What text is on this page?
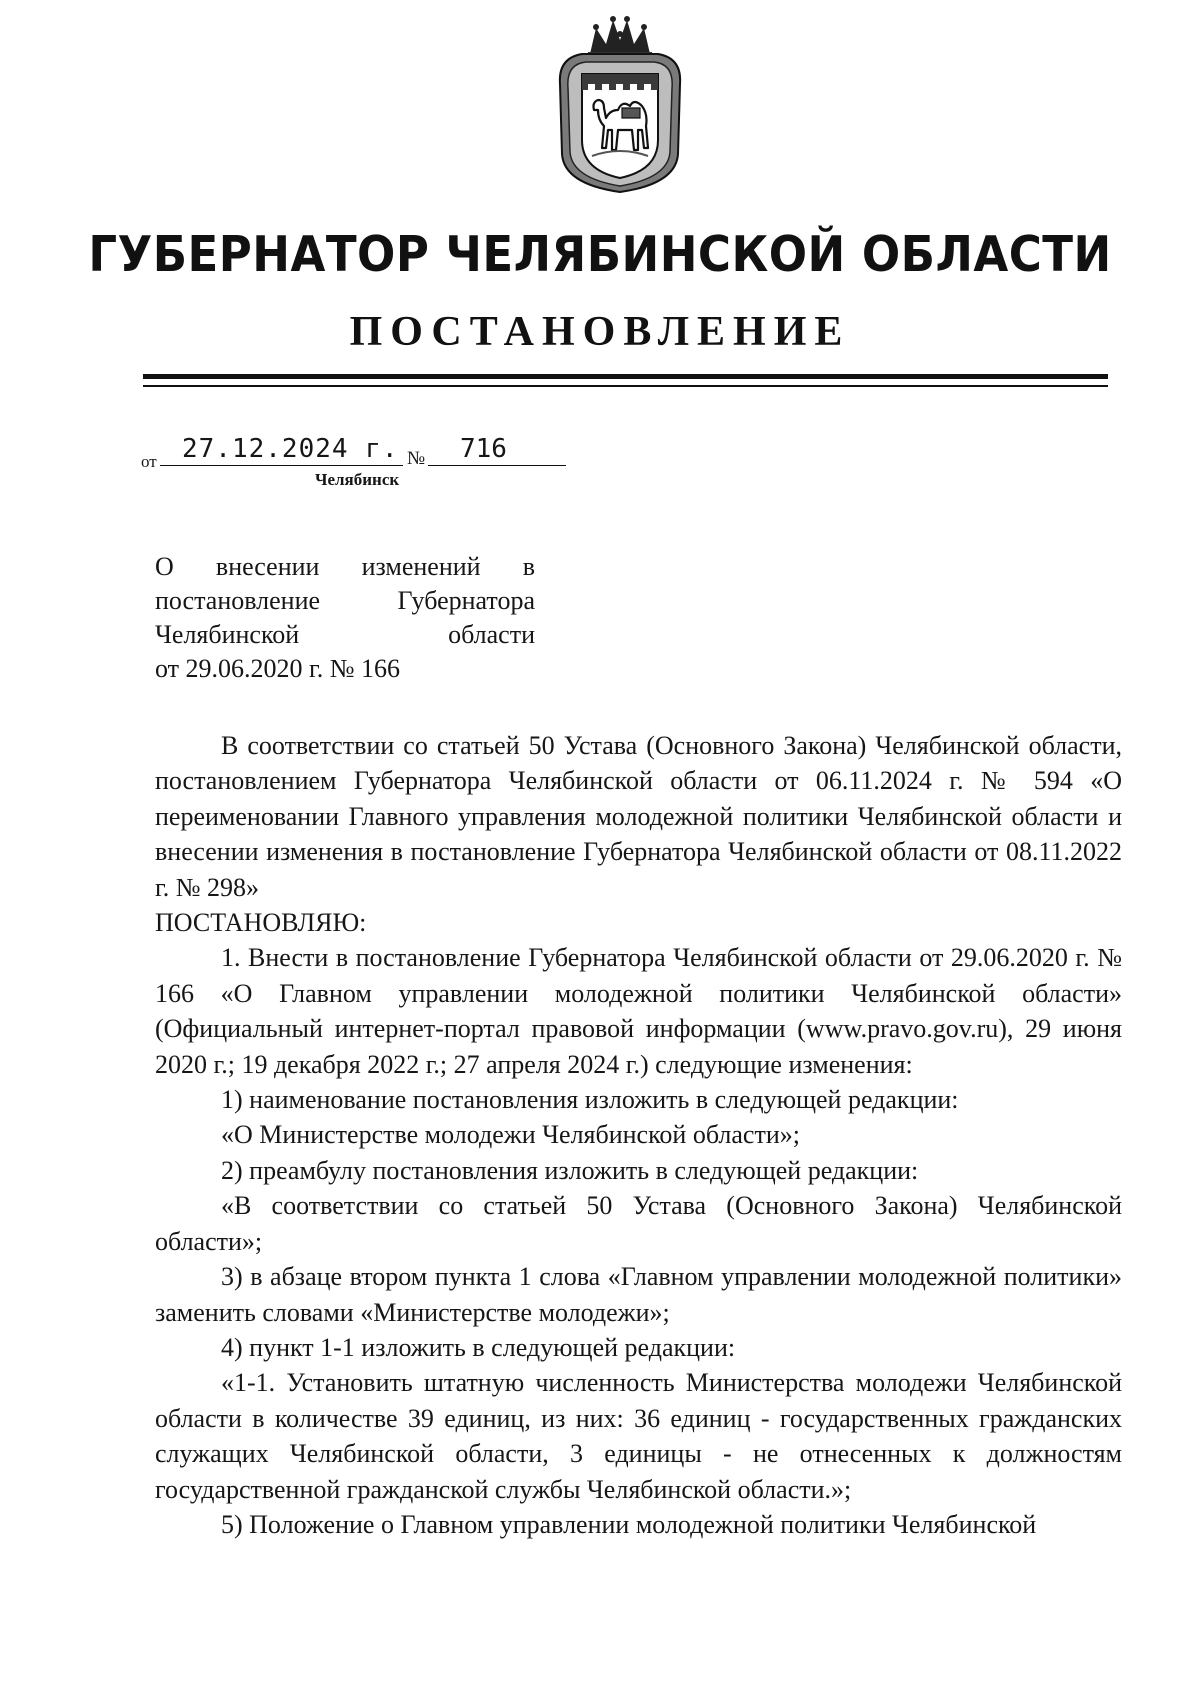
ГУБЕРНАТОР ЧЕЛЯБИНСКОЙ ОБЛАСТИ
ПОСТАНОВЛЕНИЕ
от 27.12.2024 г. № 716
Челябинск
О внесении изменений в
постановление Губернатора
Челябинской области
от 29.06.2020 г. № 166

В соответствии со статьей 50 Устава (Основного Закона) Челябинской области, постановлением Губернатора Челябинской области от 06.11.2024 г. № 594 «О переименовании Главного управления молодежной политики Челябинской области и внесении изменения в постановление Губернатора Челябинской области от 08.11.2022 г. № 298»

ПОСТАНОВЛЯЮ:

1. Внести в постановление Губернатора Челябинской области от 29.06.2020 г. № 166 «О Главном управлении молодежной политики Челябинской области» (Официальный интернет-портал правовой информации (www.pravo.gov.ru), 29 июня 2020 г.; 19 декабря 2022 г.; 27 апреля 2024 г.) следующие изменения:

1) наименование постановления изложить в следующей редакции:

«О Министерстве молодежи Челябинской области»;

2) преамбулу постановления изложить в следующей редакции:

«В соответствии со статьей 50 Устава (Основного Закона) Челябинской области»;

3) в абзаце втором пункта 1 слова «Главном управлении молодежной политики» заменить словами «Министерстве молодежи»;

4) пункт 1-1 изложить в следующей редакции:

«1-1. Установить штатную численность Министерства молодежи Челябинской области в количестве 39 единиц, из них: 36 единиц - государственных гражданских служащих Челябинской области, 3 единицы - не отнесенных к должностям государственной гражданской службы Челябинской области.»;

5) Положение о Главном управлении молодежной политики Челябинской
